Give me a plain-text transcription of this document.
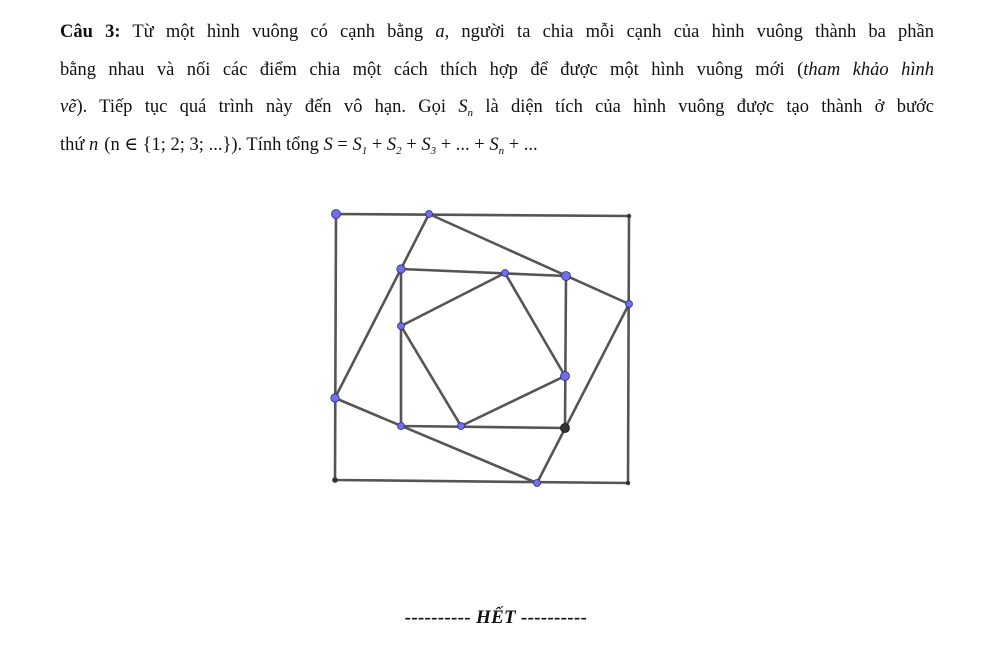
Câu 3: Từ một hình vuông có cạnh bằng a, người ta chia mỗi cạnh của hình vuông thành ba phần
bằng nhau và nối các điểm chia một cách thích hợp để được một hình vuông mới (tham khảo hình
vẽ). Tiếp tục quá trình này đến vô hạn. Gọi $S_n$ là diện tích của hình vuông được tạo thành ở bước
thứ n (n ∈ {1; 2; 3; ...}). Tính tổng $S = S_1 + S_2 + S_3$ + ... + $S_n$ + ...
---------- HẾT ----------
